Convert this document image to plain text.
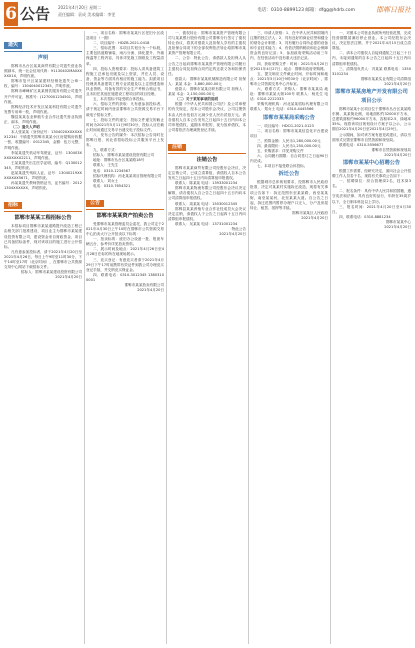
6 公告 2021年4月20日 星期二
责任编辑：袁成 美术编辑：李雯
电话：0310-8899123 邮箱：dfgg@hdrb.com	邯郸日报社
遗失
声明

邯郸市丛台区某某商贸有限公司遗失营业执照副本，统一社会信用代码：91130402MA0XXXXX1X，声明作废。

邯郸市复兴区某某建材经销处遗失公章一枚，编号：1304040012345，声明作废。

邯郸市峰峰矿区某某餐饮服务有限公司遗失开户许可证，核准号：J1270001234501，声明作废。

邯郸经济技术开发区某某科技有限公司遗失发票专用章一枚，声明作废。

魏县某某农业种植专业合作社遗失营业执照正、副本，声明作废。

（二）遗失人声明

本人张某某（身份证号：130402XXXXXXXX1234）不慎遗失邯郸市某某小区房屋购房收据一张，收据编号：0012345，金额：伍万元整，声明作废。

李某某遗失机动车驾驶证，证号：130403XXXXXXXX2211，声明作废。

王某某遗失出生医学证明，编号：Q130012345，声明作废。

赵某某遗失残疾人证，证号：13040219XXXXXXXX5671，声明作废。

孙某某遗失教师资格证书，证书编号：20121304XXXXXX，声明作废。

招标
邯郸市某某工程招标公告

本招标项目邯郸市某某道路提升改造工程已由相关部门批准建设，项目业主为邯郸市某某建设投资有限公司，建设资金来自财政资金，项目已具备招标条件，现对该项目的施工进行公开招标。

凡有意参加投标者，请于2021年4月20日至2021年4月26日，每日上午9时至11时30分，下午14时至17时（北京时间），在邯郸市公共资源交易中心网站下载招标文件。

招标人：邯郸市某某建设投资有限公司
2021年4月20日

一、项目名称：邯郸市某某片区老旧小区改造项目（一期）

二、项目编号：HDZB-2021-0418

三、招标范围：本项目共划分为一个标段，主要包括道路铺装、雨污分流、绿化提升、外墙保温等工程内容，具体详见施工图纸及工程量清单。

四、投标人资格要求：投标人须具备建筑工程施工总承包叁级及以上资质，并在人员、设备、资金等方面具有相应的施工能力。拟派项目经理须具备建筑工程专业贰级及以上注册建造师执业资格，具备有效的安全生产考核合格证书，且未担任其他在施建设工程项目的项目经理。

五、本次招标不接受联合体投标。

六、招标文件的获取：凡有意参加投标者，请于规定时间内登录邯郸市公共资源交易平台下载电子招标文件。

七、投标文件的递交：投标文件递交的截止时间为2021年5月11日9时30分，投标人应在截止时间前通过交易平台递交电子投标文件。

八、发布公告的媒介：本次招标公告同时在邯郸日报、河北省招标投标公共服务平台上发布。

九、联系方式：

招标人：邯郸市某某建设投资有限公司

地址：邯郸市丛台区某某路18号

联系人：王先生

电话：0310-1234567

招标代理机构：河北某某项目管理有限公司

联系人：刘女士

电话：0310-7654321

公告
邯郸市某某资产拍卖公告

受邯郸市某某管理委员会委托，我公司定于2021年4月30日上午10时在邯郸市公共资源交易中心拍卖大厅公开拍卖以下标的：

一、拍卖标的：废旧办公设备一批、报废车辆五台，参考价详见拍卖资料。

二、展示时间及地点：2021年4月26日至4月28日在标的所在地现场展示。

三、竞买登记：有意竞买者请于2021年4月29日下午17时前携带有效证件到我公司办理竞买登记手续，并交纳竞买保证金。

四、联系电话：0310-3012345 13803100001

邯郸市某某拍卖有限公司
2021年4月20日

一、债权转让：邯郸市某某资产管理有限公司与某某银行股份有限公司邯郸分行签订了债权转让协议，将其对借款人及担保人享有的主债权及担保合同项下的全部权利依法转让给邯郸市某某资产管理有限公司。

二、公告：特此公告，请借款人及担保人从公告之日起向邯郸市某某资产管理有限公司履行主债权合同及担保合同约定的还款义务和担保责任。

借款人：邯郸市某某机械制造有限公司 担保人：某某 本金：3,860,000.00元

借款人：邯郸市某某纺织有限公司 担保人：某某 本金：2,150,000.00元

（二）关于某某事项的说明

根据《中华人民共和国公司法》及公司章程的有关规定，经本公司股东会决议，公司注册资本由人民币伍佰万元减少至人民币贰佰万元。请各债权人自本公告发布之日起四十五日内向本公司申报债权，逾期未申报的，视为放弃债权，本公司将依法办理减资登记手续。

注销
注销公告

邯郸市某某商贸有限公司经股东会决议，决定注销公司，已成立清算组，请债权人自本公告发布之日起四十五日内向清算组申报债权。

联系人：陈某某 电话：13933001234

邯郸市某某物流有限公司经股东会决议决定解散，请各债权人自公告之日起四十五日内向本公司清算组申报债权。

联系人：周某某 电话：15030012345

邯郸县某某养殖专业合作社经成员大会决议决定注销，请债权人于公告之日起四十五日内向清算组申报债权。

联系人：吴某某 电话：13731001234

特此公告
2021年4月20日

三、申请人资格：1、在中华人民共和国境内注册的独立法人；2、具有良好的商业信誉和健全的财务会计制度；3、具有履行合同所必需的设备和专业技术能力；4、有依法缴纳税收和社会保障资金的良好记录；5、参加政府采购活动前三年内，在经营活动中没有重大违法记录。

四、获取采购文件：时间：2021年4月20日至2021年4月27日；地点：邯郸市政府采购网。

五、提交响应文件截止时间、开标时间和地点：2021年5月10日9时00分（北京时间），邯郸市公共资源交易中心开标室。

六、联系方式：采购人：邯郸市某某局 地址：邯郸市某某大街100号 联系人：杨先生 电话：0310-2222333

采购代理机构：河北某某招标代理有限公司 联系人：郑女士 电话：0310-4445566

邯郸市某某局采购公告

一、项目编号：HDCG-2021-0123

二、项目名称：邯郸市某某信息化平台建设项目

三、预算金额：人民币1,280,000.00元

四、最高限价：人民币1,250,000.00元

五、采购需求：详见采购文件

六、合同履行期限：自合同签订之日起90日内完成。

七、本项目不接受联合体投标。

拆迁公告

根据城市总体规划要求，经邯郸市人民政府批准，决定对某某村实施拆迁改造，现将有关事项公告如下：拆迁范围东至某某路，西至某某街，南至某某河，北至某某大道。自公告之日起，拆迁范围内暂停办理户口迁入、分户及房屋转让、租赁、抵押等手续。

邯郸市某某区人民政府
2021年4月20日

一、对照本公司营业执照所列经营范围，完成经营期限届满后停止营业。本公司经股东会决议，决定依法注销，并于2021年4月15日成立清算组。

二、请本公司债权人自接到通知之日起三十日内，未接到通知的自本公告之日起四十五日内向清算组申报债权。

三、清算组负责人：冯某某 联系电话：13503101234

邯郸市某某实业有限公司清算组
2021年4月20日
邯郸市某某房地产开发有限公司
项目公示

邯郸市某某小区项目位于邯郸市丛台区某某路东侧、某某街北侧，用地面积约32000平方米，总建筑面积约96000平方米，容积率2.5，绿地率35%。现将该项目规划设计方案予以公示，公示期自2021年4月20日至2021年4月29日。

公示期间，如对该方案有意见或建议，请以书面形式反馈至邯郸市自然资源和规划局。

联系电话：0310-5556677

邯郸市自然资源和规划局
2021年4月20日
邯郸市某某中心招聘公告

根据工作需要，经研究决定，面向社会公开招聘工作人员若干名，现将有关事项公告如下：

一、招聘岗位：综合管理岗2名，技术岗3名。

二、报名条件：具有中华人民共和国国籍，遵守宪法和法律，具有良好的品行，年龄在35周岁以下，全日制本科及以上学历。

三、报名时间：2021年4月20日至4月30日。

四、联系电话：0310-8881234

邯郸市某某中心
2021年4月20日
